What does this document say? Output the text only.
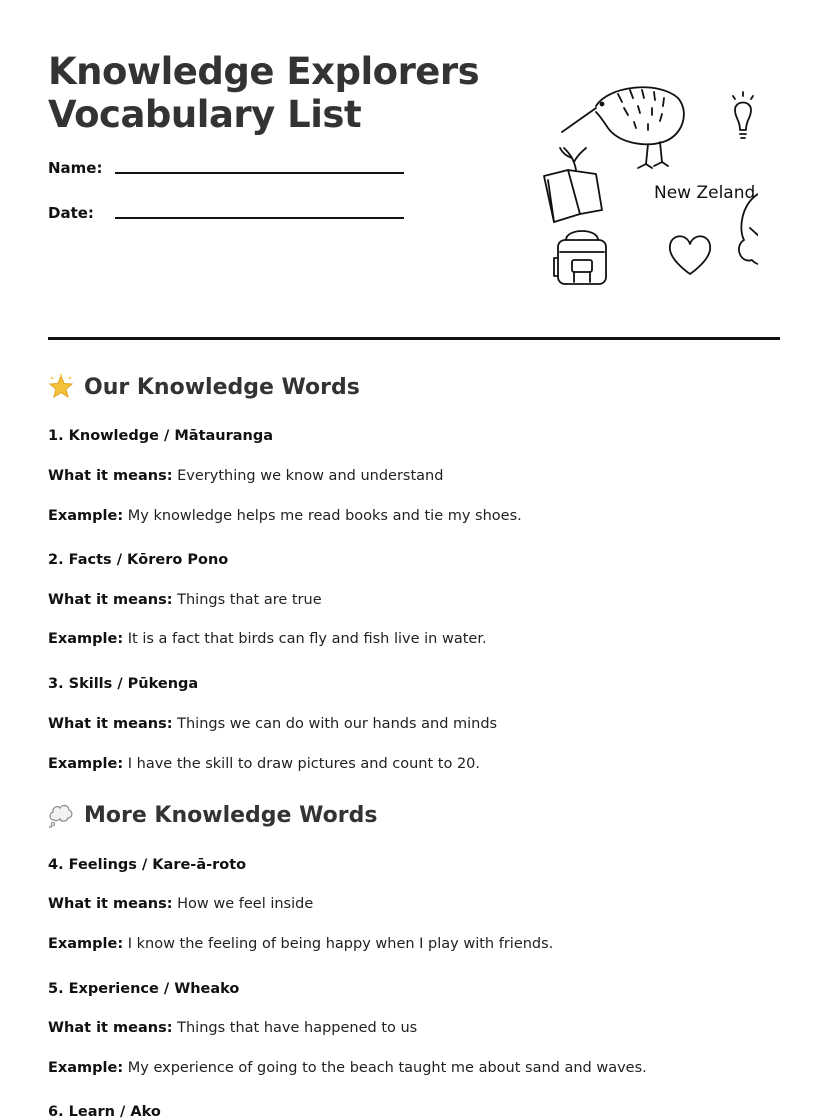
Knowledge Explorers
Vocabulary List
Name:
Date:
New Zeland
Our Knowledge Words
1. Knowledge / Mātauranga
What it means: Everything we know and understand
Example: My knowledge helps me read books and tie my shoes.
2. Facts / Kōrero Pono
What it means: Things that are true
Example: It is a fact that birds can fly and fish live in water.
3. Skills / Pūkenga
What it means: Things we can do with our hands and minds
Example: I have the skill to draw pictures and count to 20.
More Knowledge Words
4. Feelings / Kare-ā-roto
What it means: How we feel inside
Example: I know the feeling of being happy when I play with friends.
5. Experience / Wheako
What it means: Things that have happened to us
Example: My experience of going to the beach taught me about sand and waves.
6. Learn / Ako
